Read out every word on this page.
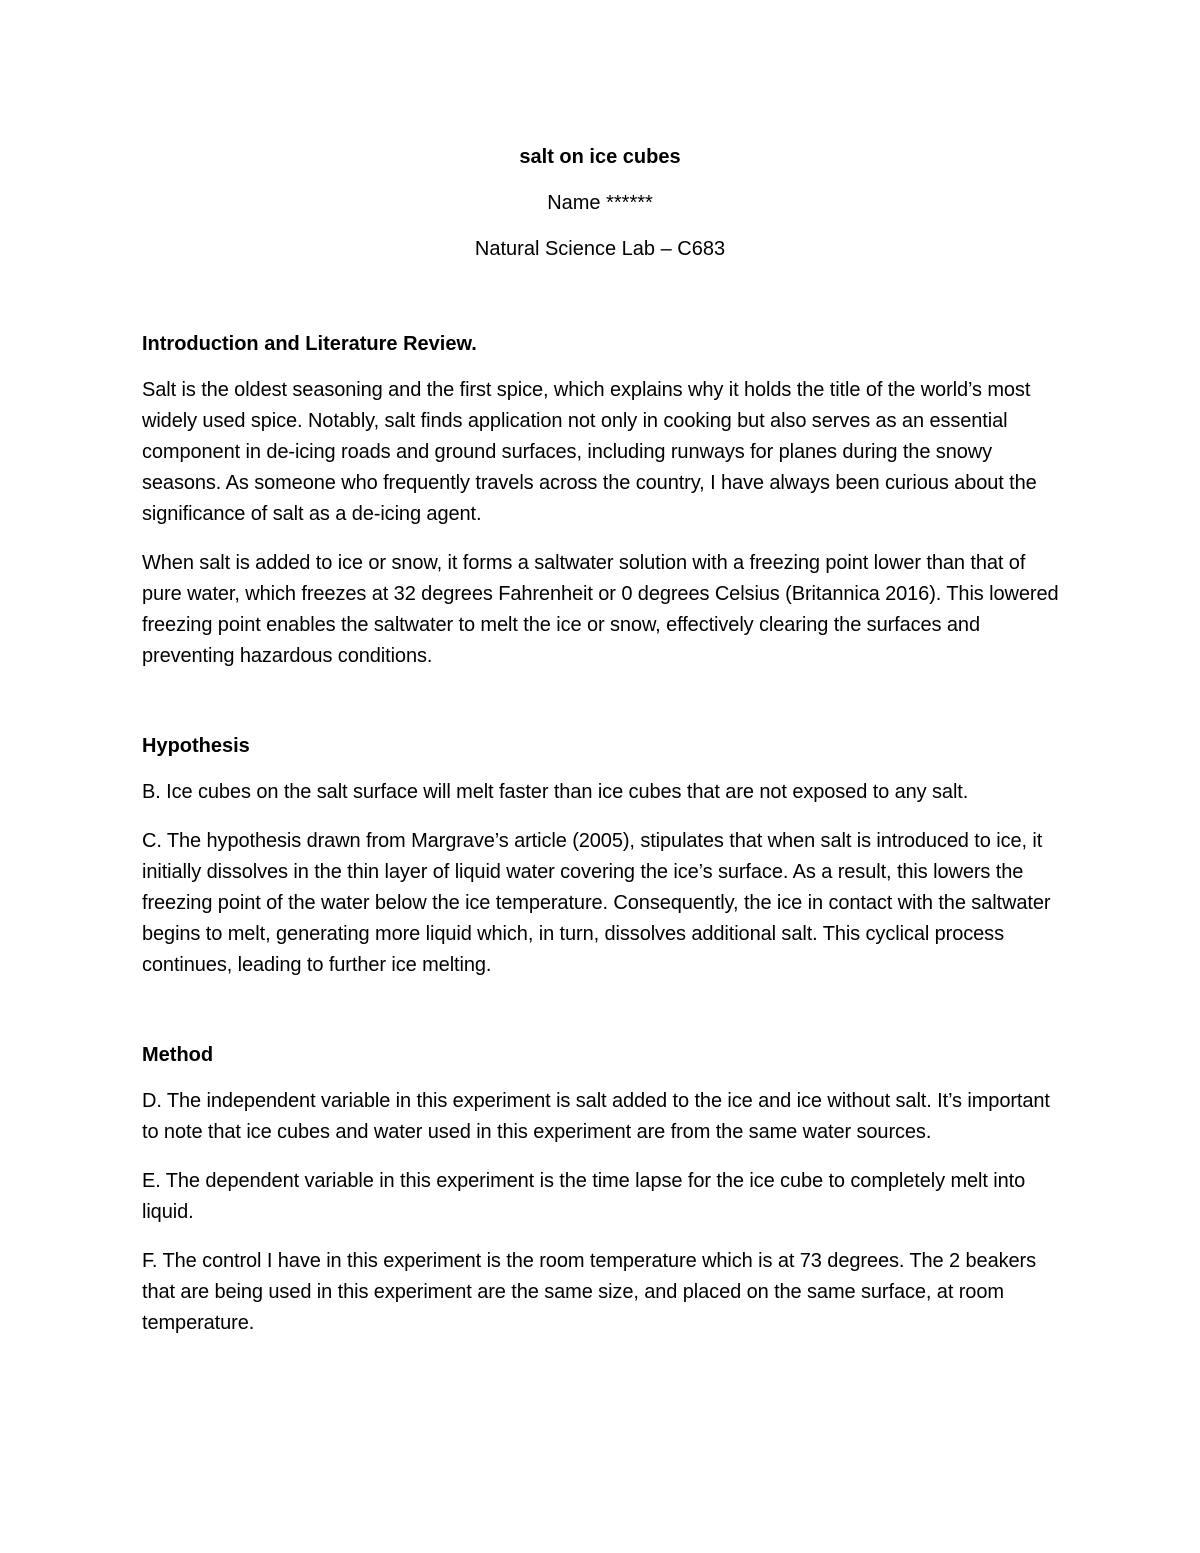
salt on ice cubes

Name ******

Natural Science Lab – C683

Introduction and Literature Review.

Salt is the oldest seasoning and the first spice, which explains why it holds the title of the world’s most widely used spice. Notably, salt finds application not only in cooking but also serves as an essential component in de-icing roads and ground surfaces, including runways for planes during the snowy seasons. As someone who frequently travels across the country, I have always been curious about the significance of salt as a de-icing agent.

When salt is added to ice or snow, it forms a saltwater solution with a freezing point lower than that of pure water, which freezes at 32 degrees Fahrenheit or 0 degrees Celsius (Britannica 2016). This lowered freezing point enables the saltwater to melt the ice or snow, effectively clearing the surfaces and preventing hazardous conditions.

Hypothesis

B. Ice cubes on the salt surface will melt faster than ice cubes that are not exposed to any salt.

C. The hypothesis drawn from Margrave’s article (2005), stipulates that when salt is introduced to ice, it initially dissolves in the thin layer of liquid water covering the ice’s surface. As a result, this lowers the freezing point of the water below the ice temperature. Consequently, the ice in contact with the saltwater begins to melt, generating more liquid which, in turn, dissolves additional salt. This cyclical process continues, leading to further ice melting.

Method

D. The independent variable in this experiment is salt added to the ice and ice without salt. It’s important to note that ice cubes and water used in this experiment are from the same water sources.

E. The dependent variable in this experiment is the time lapse for the ice cube to completely melt into liquid.

F. The control I have in this experiment is the room temperature which is at 73 degrees. The 2 beakers that are being used in this experiment are the same size, and placed on the same surface, at room temperature.
